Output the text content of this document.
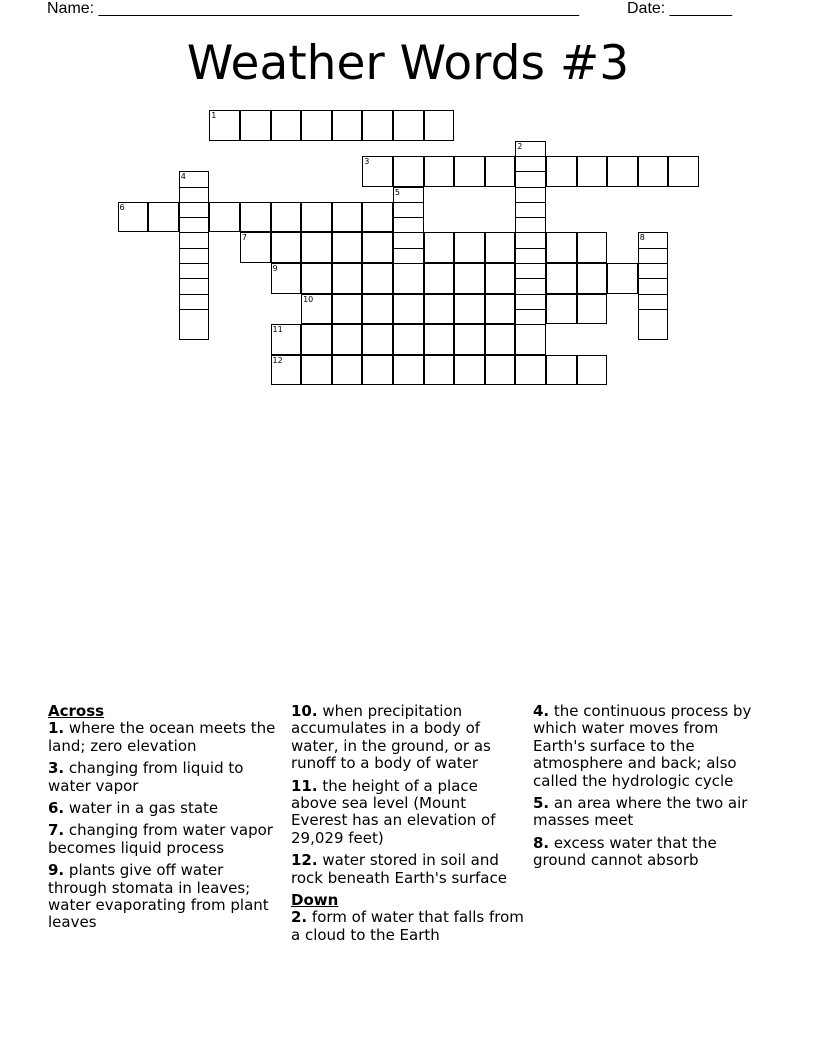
Name: ______________________________________________________	Date: _______
Weather Words #3
1
2
3
4
5
6
7	8
9
10
11
12
Across
1. where the ocean meets the land; zero elevation
3. changing from liquid to water vapor
6. water in a gas state
7. changing from water vapor becomes liquid process
9. plants give off water through stomata in leaves; water evaporating from plant leaves
10. when precipitation accumulates in a body of water, in the ground, or as runoff to a body of water
11. the height of a place above sea level (Mount Everest has an elevation of 29,029 feet)
12. water stored in soil and rock beneath Earth's surface
Down
2. form of water that falls from a cloud to the Earth
4. the continuous process by which water moves from Earth's surface to the atmosphere and back; also called the hydrologic cycle
5. an area where the two air masses meet
8. excess water that the ground cannot absorb
